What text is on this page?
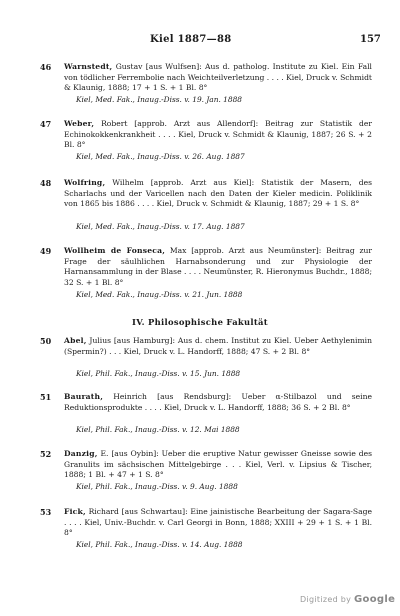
Kiel 1887—88	157
46	Warnstedt, Gustav [aus Wulfsen]: Aus d. patholog. Institute zu Kiel. Ein Fall von tödlicher Ferrembolie nach Weichteilverletzung . . . . Kiel, Druck v. Schmidt & Klaunig, 1888; 17 + 1 S. + 1 Bl. 8°
Kiel, Med. Fak., Inaug.-Diss. v. 19. Jan. 1888
47	Weber, Robert [approb. Arzt aus Allendorf]: Beitrag zur Statistik der Echinokokkenkrankheit . . . . Kiel, Druck v. Schmidt & Klaunig, 1887; 26 S. + 2 Bl. 8°
Kiel, Med. Fak., Inaug.-Diss. v. 26. Aug. 1887
48	Wolfring, Wilhelm [approb. Arzt aus Kiel]: Statistik der Masern, des Scharlachs und der Varicellen nach den Daten der Kieler medicin. Poliklinik von 1865 bis 1886 . . . . Kiel, Druck v. Schmidt & Klaunig, 1887; 29 + 1 S. 8°
Kiel, Med. Fak., Inaug.-Diss. v. 17. Aug. 1887
49	Wollheim de Fonseca, Max [approb. Arzt aus Neumünster]: Beitrag zur Frage der säulhlichen Harnabsonderung und zur Physiologie der Harnansammlung in der Blase . . . . Neumünster, R. Hieronymus Buchdr., 1888; 32 S. + 1 Bl. 8°
Kiel, Med. Fak., Inaug.-Diss. v. 21. Jun. 1888
IV. Philosophische Fakultät
50	Abel, Julius [aus Hamburg]: Aus d. chem. Institut zu Kiel. Ueber Aethylenimin (Spermin?) . . . Kiel, Druck v. L. Handorff, 1888; 47 S. + 2 Bl. 8°
Kiel, Phil. Fak., Inaug.-Diss. v. 15. Jun. 1888
51	Baurath, Heinrich [aus Rendsburg]: Ueber α-Stilbazol und seine Reduktionsprodukte . . . . Kiel, Druck v. L. Handorff, 1888; 36 S. + 2 Bl. 8°
Kiel, Phil. Fak., Inaug.-Diss. v. 12. Mai 1888
52	Danzig, E. [aus Oybin]: Ueber die eruptive Natur gewisser Gneisse sowie des Granulits im sächsischen Mittelgebirge . . . Kiel, Verl. v. Lipsius & Tischer, 1888; 1 Bl. + 47 + 1 S. 8°
Kiel, Phil. Fak., Inaug.-Diss. v. 9. Aug. 1888
53	Fick, Richard [aus Schwartau]: Eine jainistische Bearbeitung der Sagara-Sage . . . . Kiel, Univ.-Buchdr. v. Carl Georgi in Bonn, 1888; XXIII + 29 + 1 S. + 1 Bl. 8°
Kiel, Phil. Fak., Inaug.-Diss. v. 14. Aug. 1888
Digitized by Google
